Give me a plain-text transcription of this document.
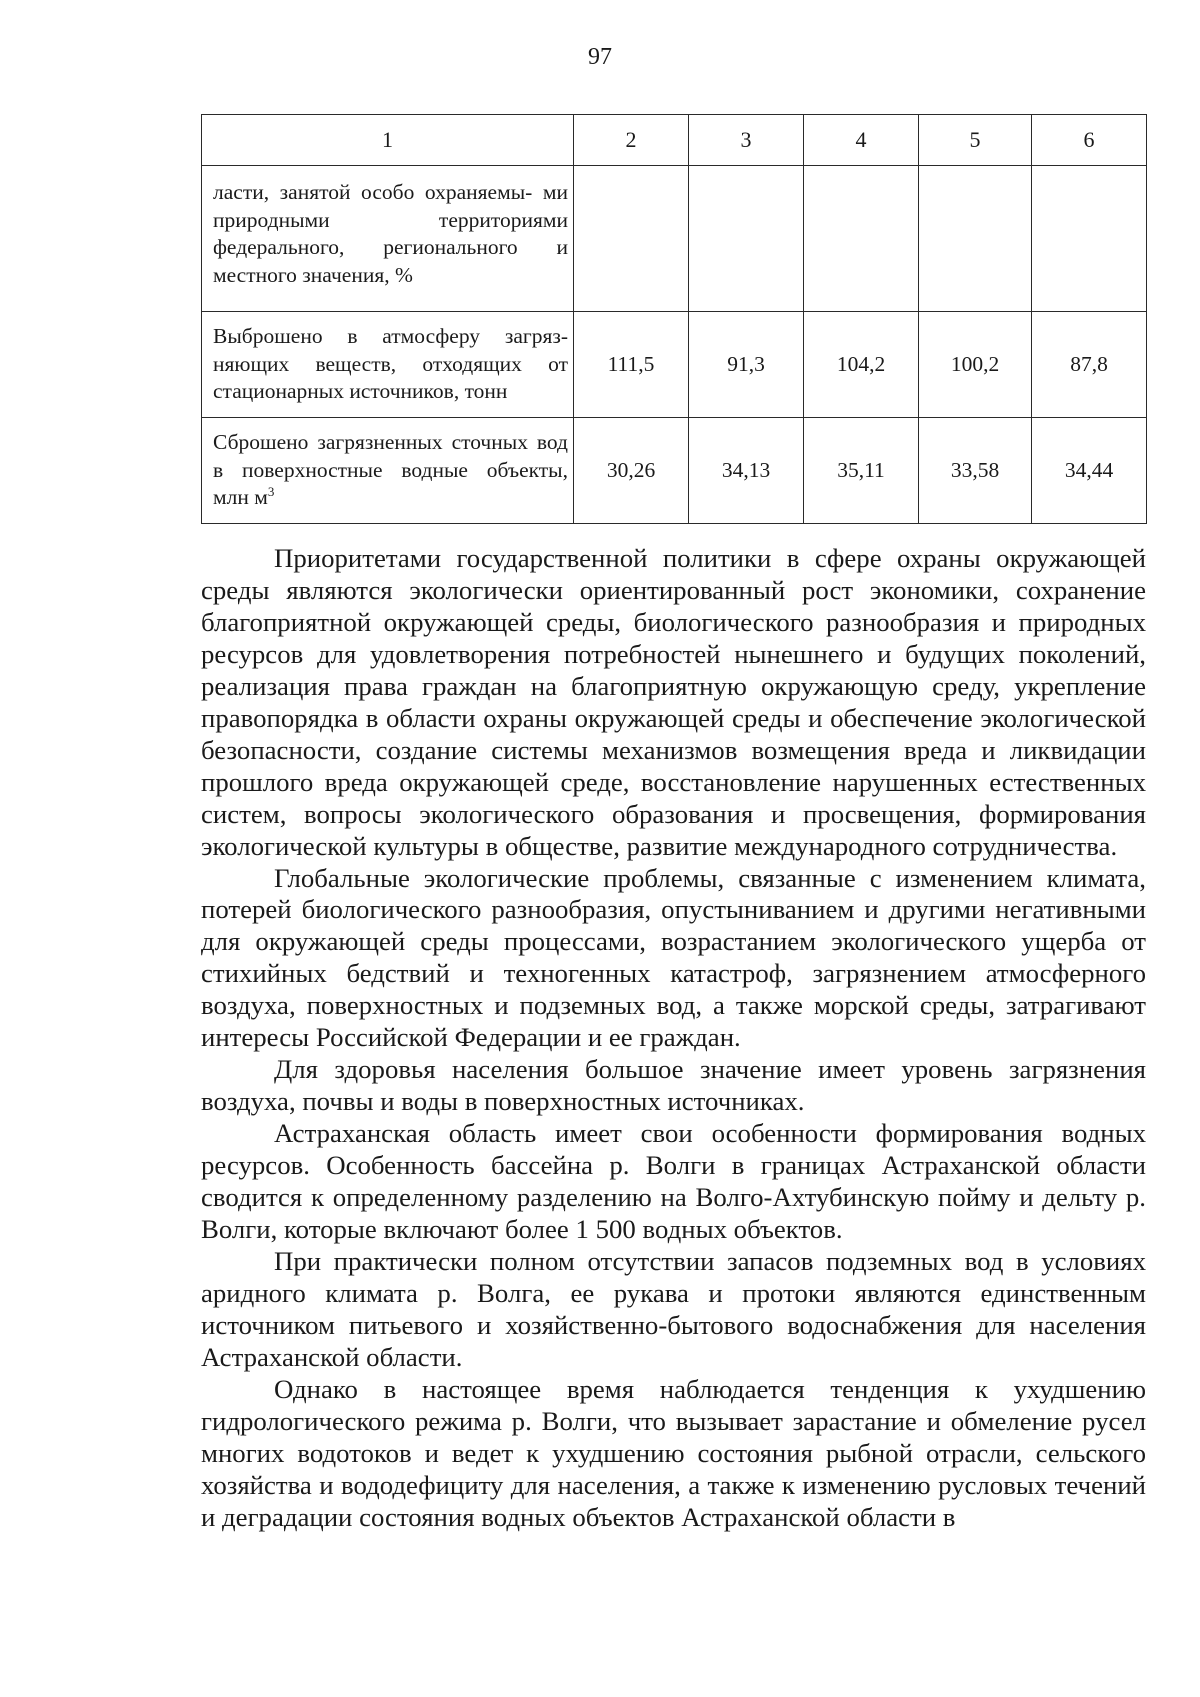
97
1	2	3	4	5	6
ласти, занятой особо охраняемы- ми природными территориями федерального, регионального и местного значения, %					
Выброшено в атмосферу загряз- няющих веществ, отходящих от стационарных источников, тонн	111,5	91,3	104,2	100,2	87,8
Сброшено загрязненных сточных вод в поверхностные водные объекты, млн $м^3$	30,26	34,13	35,11	33,58	34,44

Приоритетами государственной политики в сфере охраны окружающей среды являются экологически ориентированный рост экономики, сохранение благоприятной окружающей среды, биологического разнообразия и природных ресурсов для удовлетворения потребностей нынешнего и будущих поколений, реализация права граждан на благоприятную окружающую среду, укрепление правопорядка в области охраны окружающей среды и обеспечение экологической безопасности, создание системы механизмов возмещения вреда и ликвидации прошлого вреда окружающей среде, восстановление нарушенных естественных систем, вопросы экологического образования и просвещения, формирования экологической культуры в обществе, развитие международного сотрудничества.

Глобальные экологические проблемы, связанные с изменением климата, потерей биологического разнообразия, опустыниванием и другими негативными для окружающей среды процессами, возрастанием экологического ущерба от стихийных бедствий и техногенных катастроф, загрязнением атмосферного воздуха, поверхностных и подземных вод, а также морской среды, затрагивают интересы Российской Федерации и ее граждан.

Для здоровья населения большое значение имеет уровень загрязнения воздуха, почвы и воды в поверхностных источниках.

Астраханская область имеет свои особенности формирования водных ресурсов. Особенность бассейна р. Волги в границах Астраханской области сводится к определенному разделению на Волго-Ахтубинскую пойму и дельту р. Волги, которые включают более 1 500 водных объектов.

При практически полном отсутствии запасов подземных вод в условиях аридного климата р. Волга, ее рукава и протоки являются единственным источником питьевого и хозяйственно-бытового водоснабжения для населения Астраханской области.

Однако в настоящее время наблюдается тенденция к ухудшению гидрологического режима р. Волги, что вызывает зарастание и обмеление русел многих водотоков и ведет к ухудшению состояния рыбной отрасли, сельского хозяйства и вододефициту для населения, а также к изменению русловых течений и деградации состояния водных объектов Астраханской области в
